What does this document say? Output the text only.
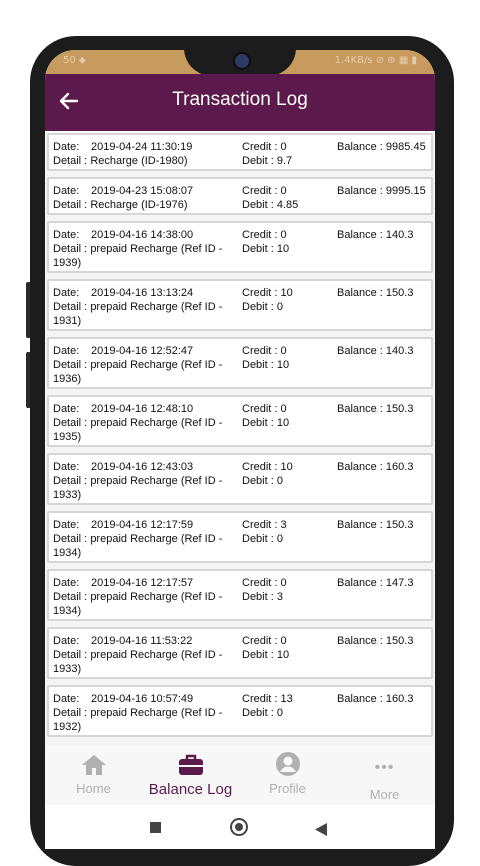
50 ⬥	1.4KB/s ⊘ ⊛ ▦ ▮
Transaction Log
Date: 2019-04-24 11:30:19
Detail : Recharge (ID-1980)
Credit : 0
Debit : 9.7
Balance : 9985.45
Date: 2019-04-23 15:08:07
Detail : Recharge (ID-1976)
Credit : 0
Debit : 4.85
Balance : 9995.15
Date: 2019-04-16 14:38:00
Detail : prepaid Recharge (Ref ID - 1939)
Credit : 0
Debit : 10
Balance : 140.3
Date: 2019-04-16 13:13:24
Detail : prepaid Recharge (Ref ID - 1931)
Credit : 10
Debit : 0
Balance : 150.3
Date: 2019-04-16 12:52:47
Detail : prepaid Recharge (Ref ID - 1936)
Credit : 0
Debit : 10
Balance : 140.3
Date: 2019-04-16 12:48:10
Detail : prepaid Recharge (Ref ID - 1935)
Credit : 0
Debit : 10
Balance : 150.3
Date: 2019-04-16 12:43:03
Detail : prepaid Recharge (Ref ID - 1933)
Credit : 10
Debit : 0
Balance : 160.3
Date: 2019-04-16 12:17:59
Detail : prepaid Recharge (Ref ID - 1934)
Credit : 3
Debit : 0
Balance : 150.3
Date: 2019-04-16 12:17:57
Detail : prepaid Recharge (Ref ID - 1934)
Credit : 0
Debit : 3
Balance : 147.3
Date: 2019-04-16 11:53:22
Detail : prepaid Recharge (Ref ID - 1933)
Credit : 0
Debit : 10
Balance : 150.3
Date: 2019-04-16 10:57:49
Detail : prepaid Recharge (Ref ID - 1932)
Credit : 13
Debit : 0
Balance : 160.3
Home	Balance Log	Profile
•••
More
